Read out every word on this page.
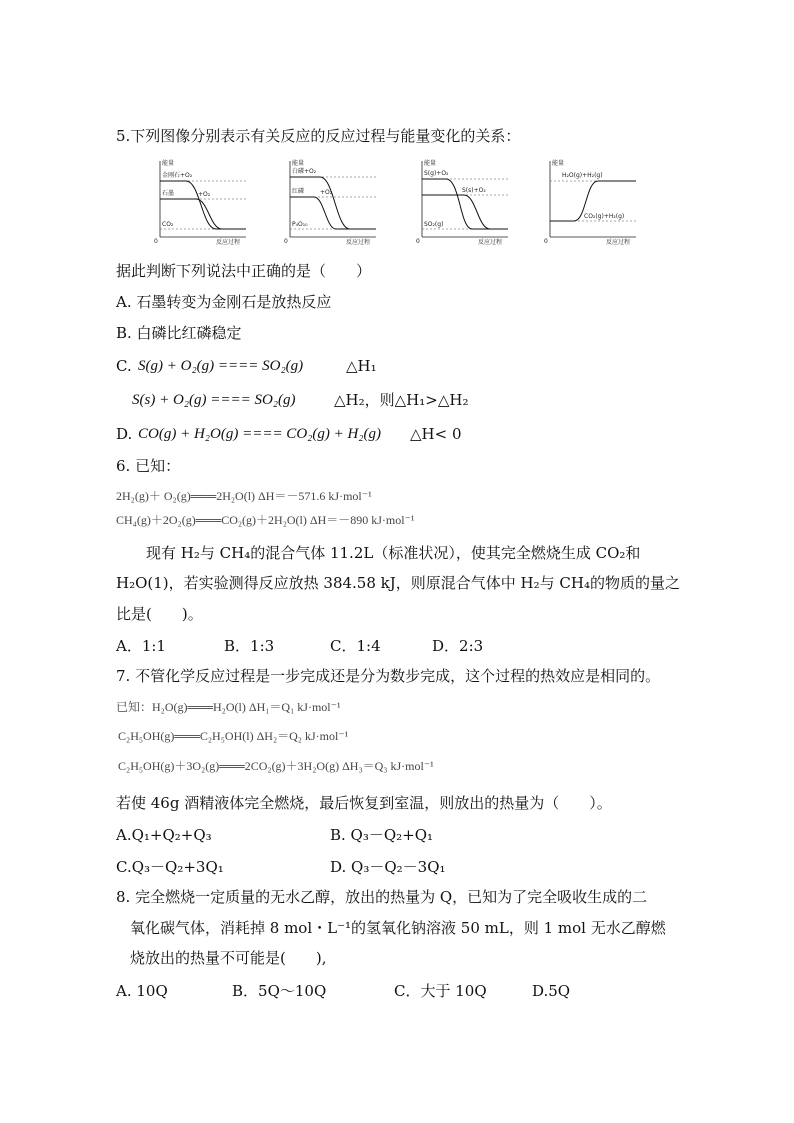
5.下列图像分别表示有关反应的反应过程与能量变化的关系：
能量
0	反应过程
金刚石+O₂
石墨	+O₂
CO₂
能量
0	反应过程
白磷+O₂
红磷	+O₂
P₄O₁₀
能量
0	反应过程
S(g)+O₂
S(s)+O₂
SO₂(g)
能量
0	反应过程
H₂O(g)+H₂(g)
CO₂(g)+H₂(g)
据此判断下列说法中正确的是（　　）
A. 石墨转变为金刚石是放热反应
B. 白磷比红磷稳定
C. S(g) + O₂(g) ==== SO₂(g)	△H₁
S(s) + O₂(g) ==== SO₂(g)	△H₂，则△H₁>△H₂
D. CO(g) + H₂O(g) ==== CO₂(g) + H₂(g) △H< 0
6. 已知：
2H₂(g)＋ O₂(g)═══2H₂O(l) ΔH＝－571.6 kJ·mol⁻¹
CH₄(g)＋2O₂(g)═══CO₂(g)＋2H₂O(l) ΔH＝－890 kJ·mol⁻¹
现有 H₂与 CH₄的混合气体 11.2L（标准状况），使其完全燃烧生成 CO₂和
H₂O(1)，若实验测得反应放热 384.58 kJ，则原混合气体中 H₂与 CH₄的物质的量之
比是(　　)。
A．1:1	B．1:3	C．1:4	D．2:3
7. 不管化学反应过程是一步完成还是分为数步完成，这个过程的热效应是相同的。
已知：H₂O(g)═══H₂O(l) ΔH₁＝Q₁ kJ·mol⁻¹
C₂H₅OH(g)═══C₂H₅OH(l) ΔH₂＝Q₂ kJ·mol⁻¹
C₂H₅OH(g)＋3O₂(g)═══2CO₂(g)＋3H₂O(g) ΔH₃＝Q₃ kJ·mol⁻¹
若使 46g 酒精液体完全燃烧，最后恢复到室温，则放出的热量为（　　）。
A.Q₁+Q₂+Q₃	B. Q₃－Q₂+Q₁
C.Q₃－Q₂+3Q₁	D. Q₃－Q₂－3Q₁
8. 完全燃烧一定质量的无水乙醇，放出的热量为 Q，已知为了完全吸收生成的二
氧化碳气体，消耗掉 8 mol・L⁻¹的氢氧化钠溶液 50 mL，则 1 mol 无水乙醇燃
烧放出的热量不可能是(　　),
A. 10Q	B．5Q～10Q	C．大于 10Q	D.5Q
